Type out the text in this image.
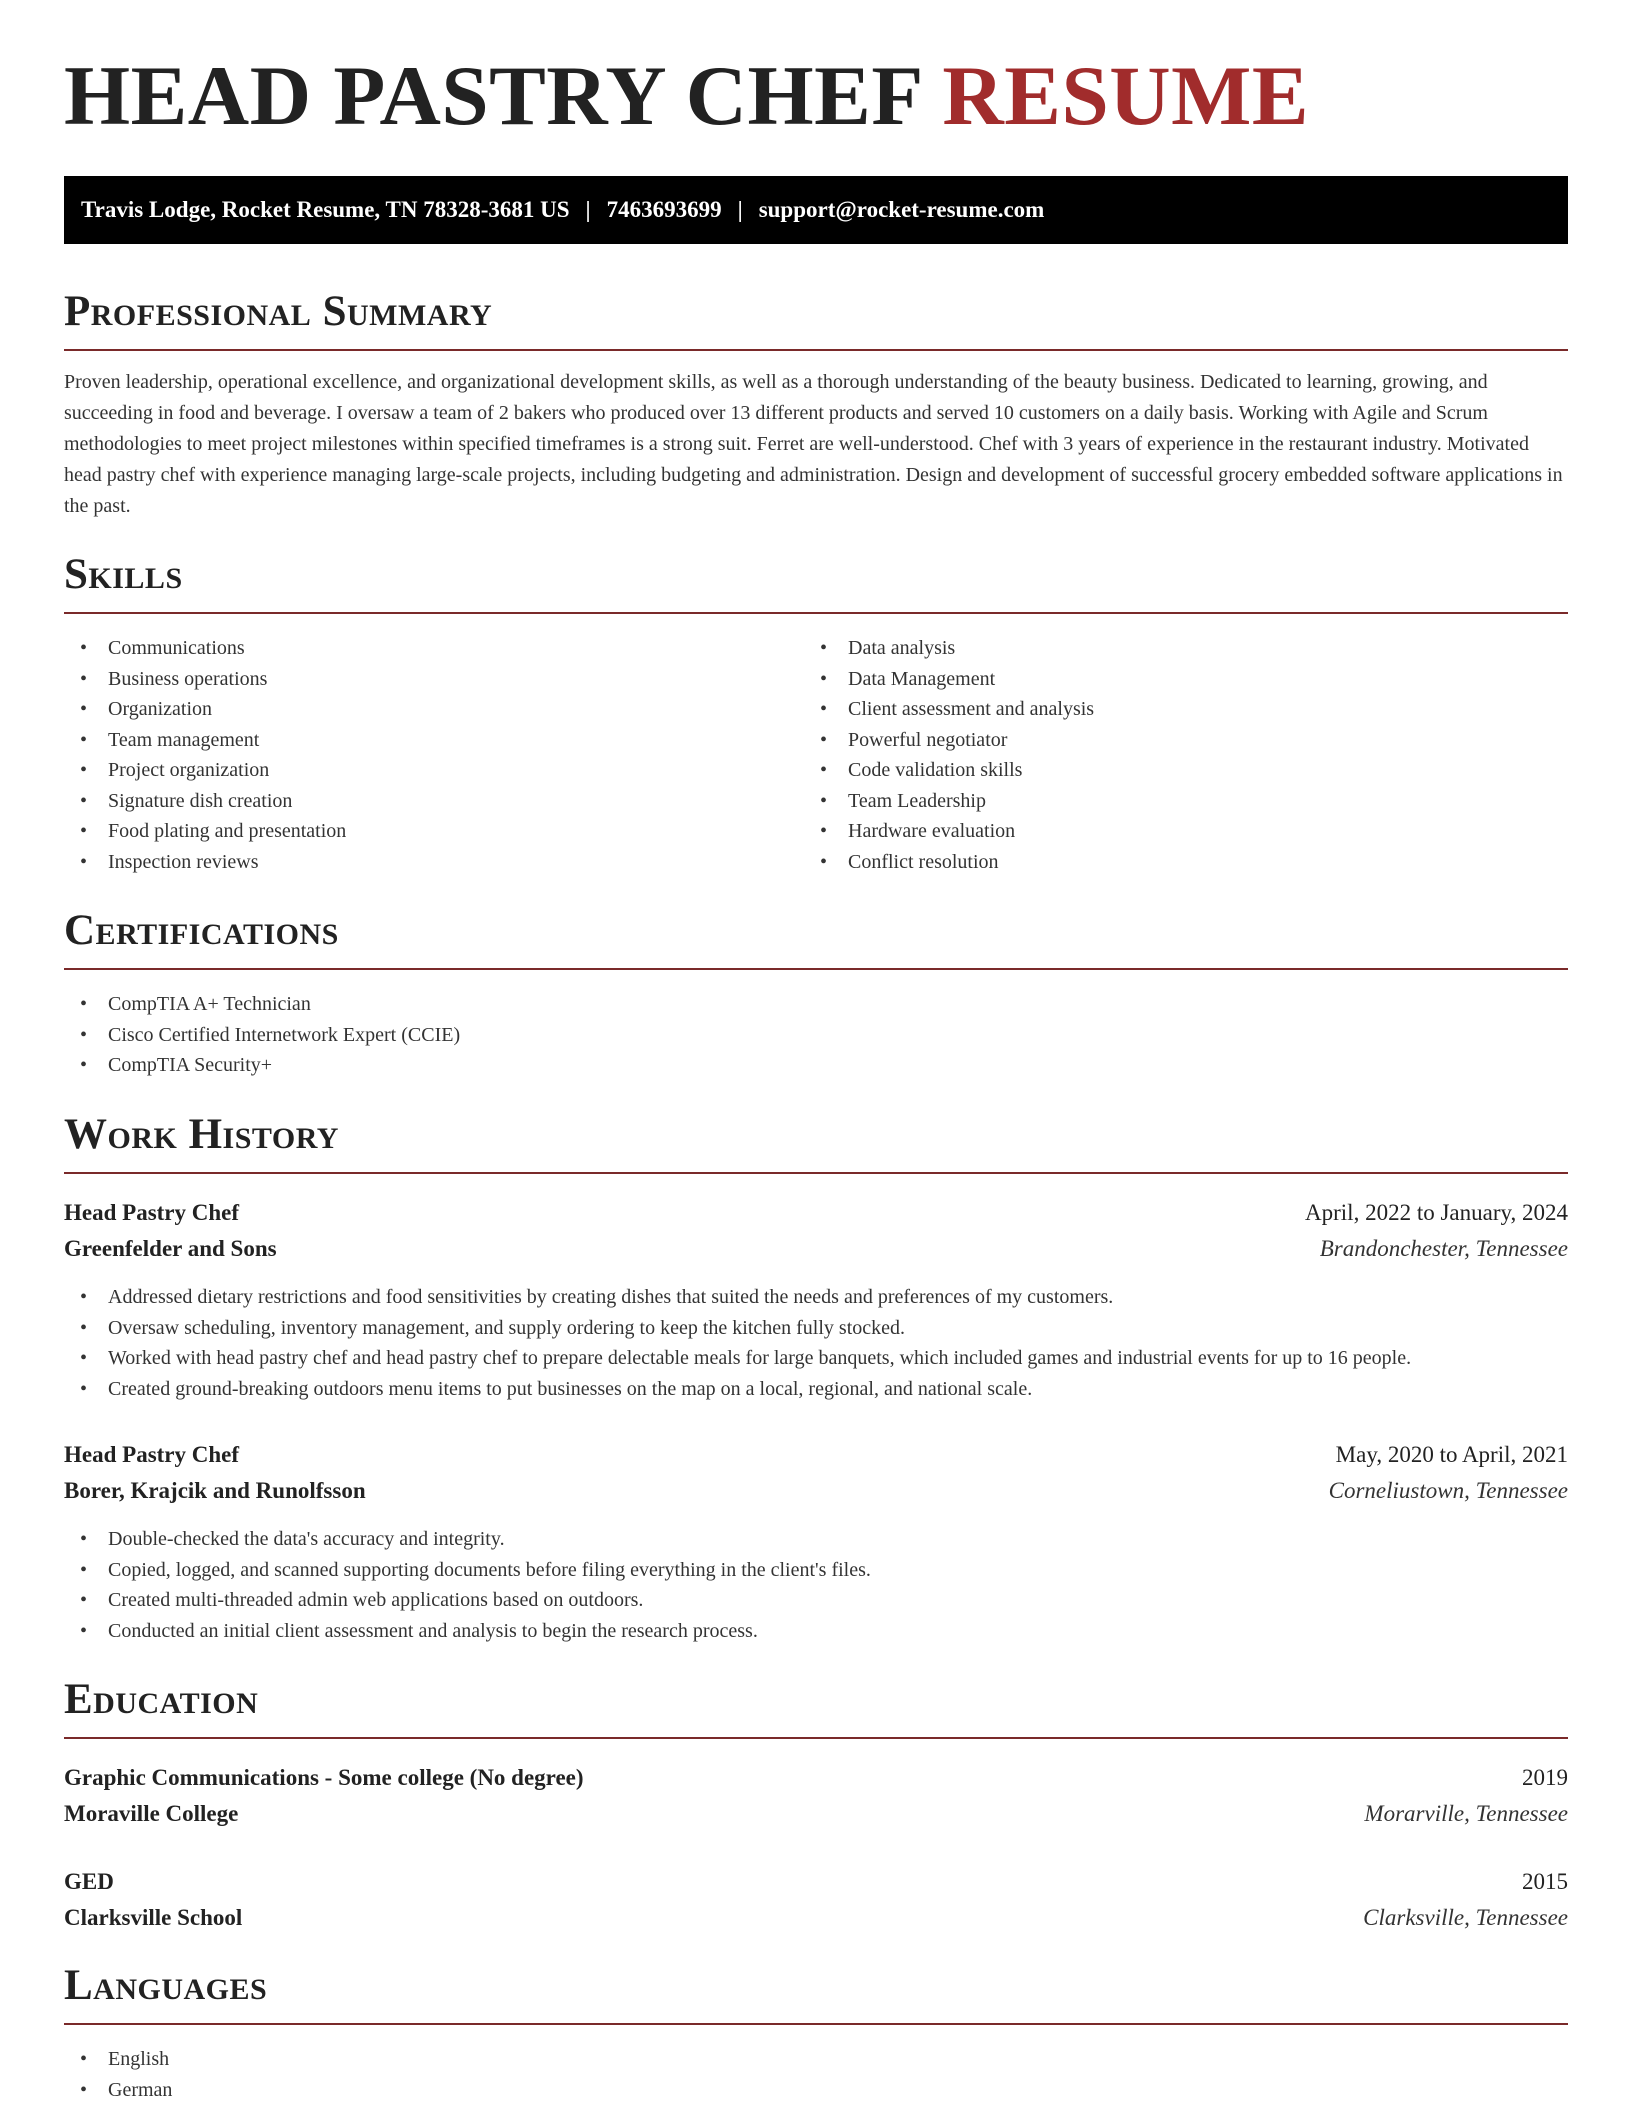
HEAD PASTRY CHEF RESUME
Travis Lodge, Rocket Resume, TN 78328-3681 US | 7463693699 | support@rocket-resume.com
Professional Summary

Proven leadership, operational excellence, and organizational development skills, as well as a thorough understanding of the beauty business. Dedicated to learning, growing, and succeeding in food and beverage. I oversaw a team of 2 bakers who produced over 13 different products and served 10 customers on a daily basis. Working with Agile and Scrum methodologies to meet project milestones within specified timeframes is a strong suit. Ferret are well-understood. Chef with 3 years of experience in the restaurant industry. Motivated head pastry chef with experience managing large-scale projects, including budgeting and administration. Design and development of successful grocery embedded software applications in the past.

Skills
• Communications
• Business operations
• Organization
• Team management
• Project organization
• Signature dish creation
• Food plating and presentation
• Inspection reviews
• Data analysis
• Data Management
• Client assessment and analysis
• Powerful negotiator
• Code validation skills
• Team Leadership
• Hardware evaluation
• Conflict resolution
Certifications
• CompTIA A+ Technician
• Cisco Certified Internetwork Expert (CCIE)
• CompTIA Security+
Work History
Head Pastry Chef	April, 2022 to January, 2024
Greenfelder and Sons	Brandonchester, Tennessee
• Addressed dietary restrictions and food sensitivities by creating dishes that suited the needs and preferences of my customers.
• Oversaw scheduling, inventory management, and supply ordering to keep the kitchen fully stocked.
• Worked with head pastry chef and head pastry chef to prepare delectable meals for large banquets, which included games and industrial events for up to 16 people.
• Created ground-breaking outdoors menu items to put businesses on the map on a local, regional, and national scale.
Head Pastry Chef	May, 2020 to April, 2021
Borer, Krajcik and Runolfsson	Corneliustown, Tennessee
• Double-checked the data's accuracy and integrity.
• Copied, logged, and scanned supporting documents before filing everything in the client's files.
• Created multi-threaded admin web applications based on outdoors.
• Conducted an initial client assessment and analysis to begin the research process.
Education
Graphic Communications - Some college (No degree)	2019
Moraville College	Morarville, Tennessee
GED	2015
Clarksville School	Clarksville, Tennessee
Languages
• English
• German
